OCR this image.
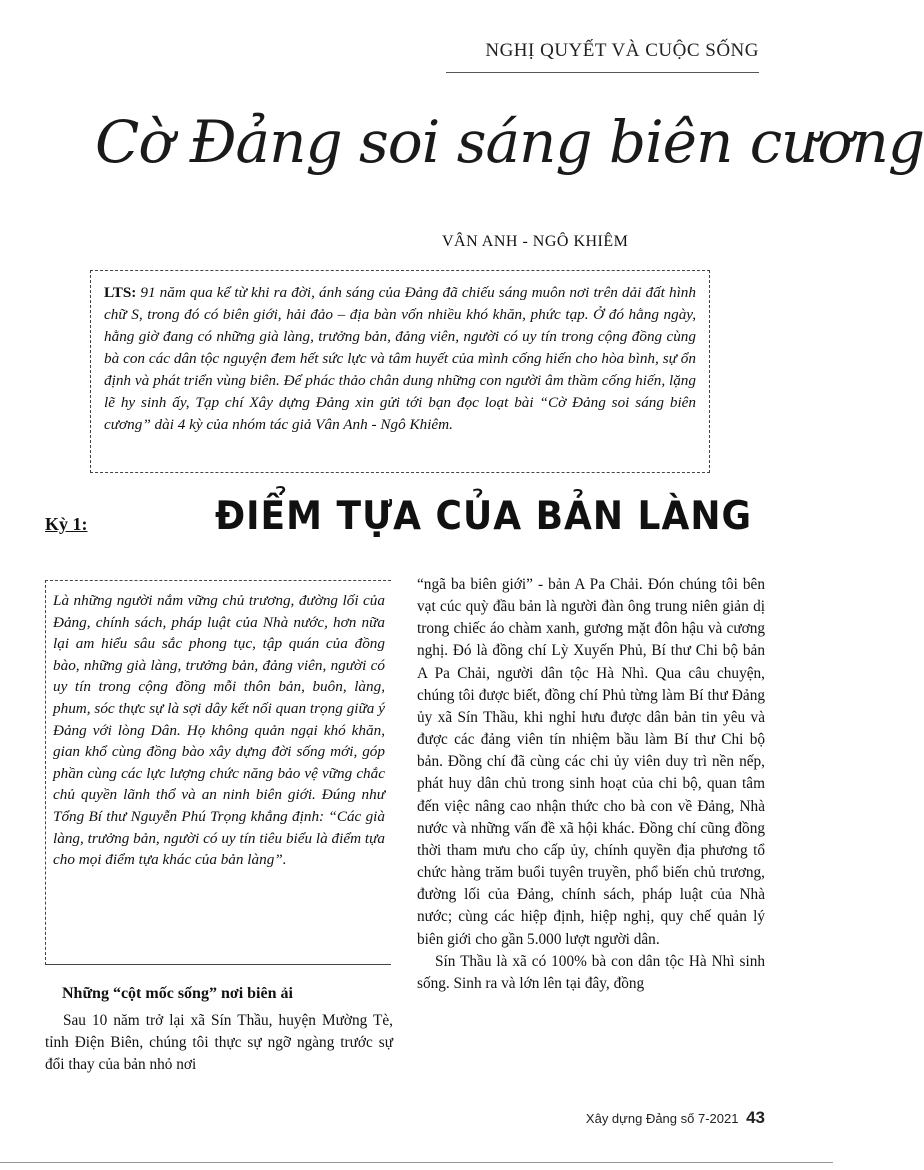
NGHỊ QUYẾT VÀ CUỘC SỐNG
Cờ Đảng soi sáng biên cương
VÂN ANH - NGÔ KHIÊM
LTS: 91 năm qua kể từ khi ra đời, ánh sáng của Đảng đã chiếu sáng muôn nơi trên dải đất hình chữ S, trong đó có biên giới, hải đảo – địa bàn vốn nhiều khó khăn, phức tạp. Ở đó hằng ngày, hằng giờ đang có những già làng, trưởng bản, đảng viên, người có uy tín trong cộng đồng cùng bà con các dân tộc nguyện đem hết sức lực và tâm huyết của mình cống hiến cho hòa bình, sự ổn định và phát triển vùng biên. Để phác thảo chân dung những con người âm thầm cống hiến, lặng lẽ hy sinh ấy, Tạp chí Xây dựng Đảng xin gửi tới bạn đọc loạt bài “Cờ Đảng soi sáng biên cương” dài 4 kỳ của nhóm tác giả Vân Anh - Ngô Khiêm.
Kỳ 1:	ĐIỂM TỰA CỦA BẢN LÀNG
Là những người nắm vững chủ trương, đường lối của Đảng, chính sách, pháp luật của Nhà nước, hơn nữa lại am hiểu sâu sắc phong tục, tập quán của đồng bào, những già làng, trưởng bản, đảng viên, người có uy tín trong cộng đồng mỗi thôn bản, buôn, làng, phum, sóc thực sự là sợi dây kết nối quan trọng giữa ý Đảng với lòng Dân. Họ không quản ngại khó khăn, gian khổ cùng đồng bào xây dựng đời sống mới, góp phần cùng các lực lượng chức năng bảo vệ vững chắc chủ quyền lãnh thổ và an ninh biên giới. Đúng như Tổng Bí thư Nguyễn Phú Trọng khẳng định: “Các già làng, trưởng bản, người có uy tín tiêu biểu là điểm tựa cho mọi điểm tựa khác của bản làng”.
Những “cột mốc sống” nơi biên ải

Sau 10 năm trở lại xã Sín Thầu, huyện Mường Tè, tỉnh Điện Biên, chúng tôi thực sự ngỡ ngàng trước sự đổi thay của bản nhỏ nơi

“ngã ba biên giới” - bản A Pa Chải. Đón chúng tôi bên vạt cúc quỳ đầu bản là người đàn ông trung niên giản dị trong chiếc áo chàm xanh, gương mặt đôn hậu và cương nghị. Đó là đồng chí Lỳ Xuyến Phủ, Bí thư Chi bộ bản A Pa Chải, người dân tộc Hà Nhì. Qua câu chuyện, chúng tôi được biết, đồng chí Phủ từng làm Bí thư Đảng ủy xã Sín Thầu, khi nghỉ hưu được dân bản tin yêu và được các đảng viên tín nhiệm bầu làm Bí thư Chi bộ bản. Đồng chí đã cùng các chi ủy viên duy trì nền nếp, phát huy dân chủ trong sinh hoạt của chi bộ, quan tâm đến việc nâng cao nhận thức cho bà con về Đảng, Nhà nước và những vấn đề xã hội khác. Đồng chí cũng đồng thời tham mưu cho cấp ủy, chính quyền địa phương tổ chức hàng trăm buổi tuyên truyền, phổ biến chủ trương, đường lối của Đảng, chính sách, pháp luật của Nhà nước; cùng các hiệp định, hiệp nghị, quy chế quản lý biên giới cho gần 5.000 lượt người dân.

Sín Thầu là xã có 100% bà con dân tộc Hà Nhì sinh sống. Sinh ra và lớn lên tại đây, đồng

Xây dựng Đảng số 7-2021 43
